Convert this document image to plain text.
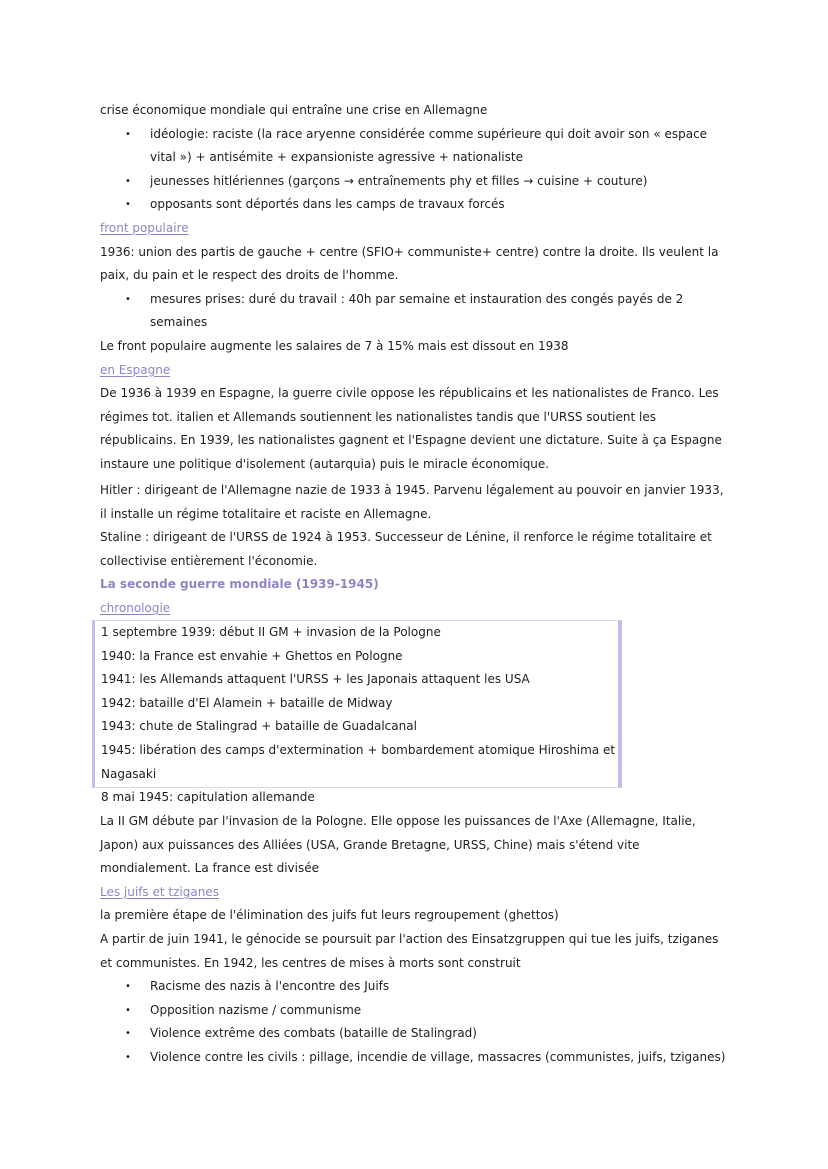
crise économique mondiale qui entraîne une crise en Allemagne

• idéologie: raciste (la race aryenne considérée comme supérieure qui doit avoir son « espace vital ») + antisémite + expansioniste agressive + nationaliste
• jeunesses hitlériennes (garçons → entraînements phy et filles → cuisine + couture)
• opposants sont déportés dans les camps de travaux forcés

front populaire

1936: union des partis de gauche + centre (SFIO+ communiste+ centre) contre la droite. Ils veulent la paix, du pain et le respect des droits de l'homme.

• mesures prises: duré du travail : 40h par semaine et instauration des congés payés de 2 semaines

Le front populaire augmente les salaires de 7 à 15% mais est dissout en 1938

en Espagne

De 1936 à 1939 en Espagne, la guerre civile oppose les républicains et les nationalistes de Franco. Les régimes tot. italien et Allemands soutiennent les nationalistes tandis que l'URSS soutient les républicains. En 1939, les nationalistes gagnent et l'Espagne devient une dictature. Suite à ça Espagne instaure une politique d'isolement (autarquia) puis le miracle économique.

Hitler : dirigeant de l'Allemagne nazie de 1933 à 1945. Parvenu légalement au pouvoir en janvier 1933, il installe un régime totalitaire et raciste en Allemagne.

Staline : dirigeant de l'URSS de 1924 à 1953. Successeur de Lénine, il renforce le régime totalitaire et collectivise entièrement l'économie.

La seconde guerre mondiale (1939-1945)

chronologie

1 septembre 1939: début II GM + invasion de la Pologne
1940: la France est envahie + Ghettos en Pologne
1941: les Allemands attaquent l'URSS + les Japonais attaquent les USA
1942: bataille d'El Alamein + bataille de Midway
1943: chute de Stalingrad + bataille de Guadalcanal
1945: libération des camps d'extermination + bombardement atomique Hiroshima et Nagasaki
8 mai 1945: capitulation allemande

La II GM débute par l'invasion de la Pologne. Elle oppose les puissances de l'Axe (Allemagne, Italie, Japon) aux puissances des Alliées (USA, Grande Bretagne, URSS, Chine) mais s'étend vite mondialement. La france est divisée

Les juifs et tziganes

la première étape de l'élimination des juifs fut leurs regroupement (ghettos)

A partir de juin 1941, le génocide se poursuit par l'action des Einsatzgruppen qui tue les juifs, tziganes et communistes. En 1942, les centres de mises à morts sont construit

• Racisme des nazis à l'encontre des Juifs
• Opposition nazisme / communisme
• Violence extrême des combats (bataille de Stalingrad)
• Violence contre les civils : pillage, incendie de village, massacres (communistes, juifs, tziganes)
